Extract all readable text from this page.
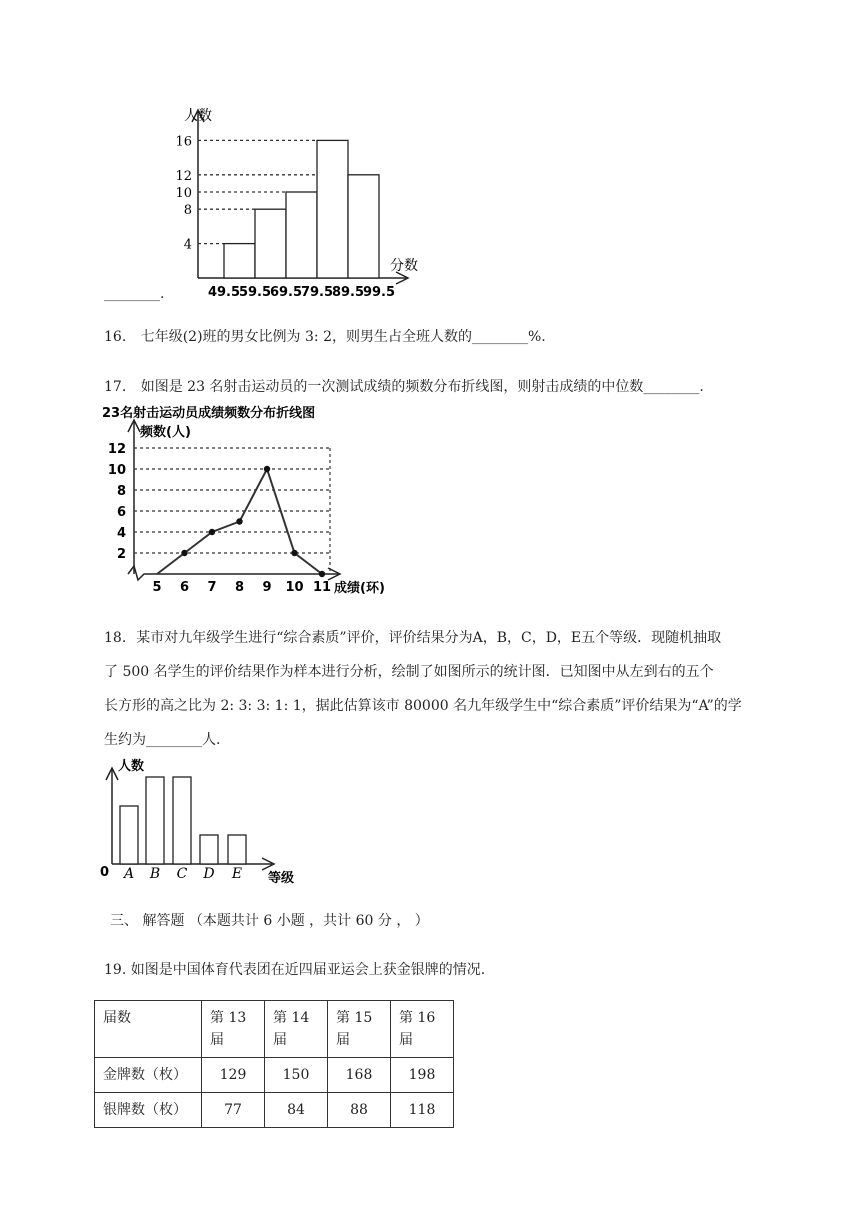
人数
分数
4
8
10
12
16
49.5
59.5
69.5
79.5
89.5
99.5
________.
16. 七年级(2)班的男女比例为 3: 2，则男生占全班人数的________%.
17. 如图是 23 名射击运动员的一次测试成绩的频数分布折线图，则射击成绩的中位数________.
23名射击运动员成绩频数分布折线图
频数(人)
成绩(环)
2
4
6
8
10
12
5 6 7 8 9 10 11
18. 某市对九年级学生进行“综合素质”评价，评价结果分为A，B，C，D，E五个等级．现随机抽取
了 500 名学生的评价结果作为样本进行分析，绘制了如图所示的统计图．已知图中从左到右的五个
长方形的高之比为 2: 3: 3: 1: 1，据此估算该市 80000 名九年级学生中“综合素质”评价结果为“A”的学
生约为________人.
人数
等级
0 A B C D E
三、 解答题 （本题共计 6 小题 ，共计 60 分 ， ）
19. 如图是中国体育代表团在近四届亚运会上获金银牌的情况.
届数	第 13 届	第 14 届	第 15 届	第 16 届
金牌数（枚）	129	150	168	198
银牌数（枚）	77	84	88	118
